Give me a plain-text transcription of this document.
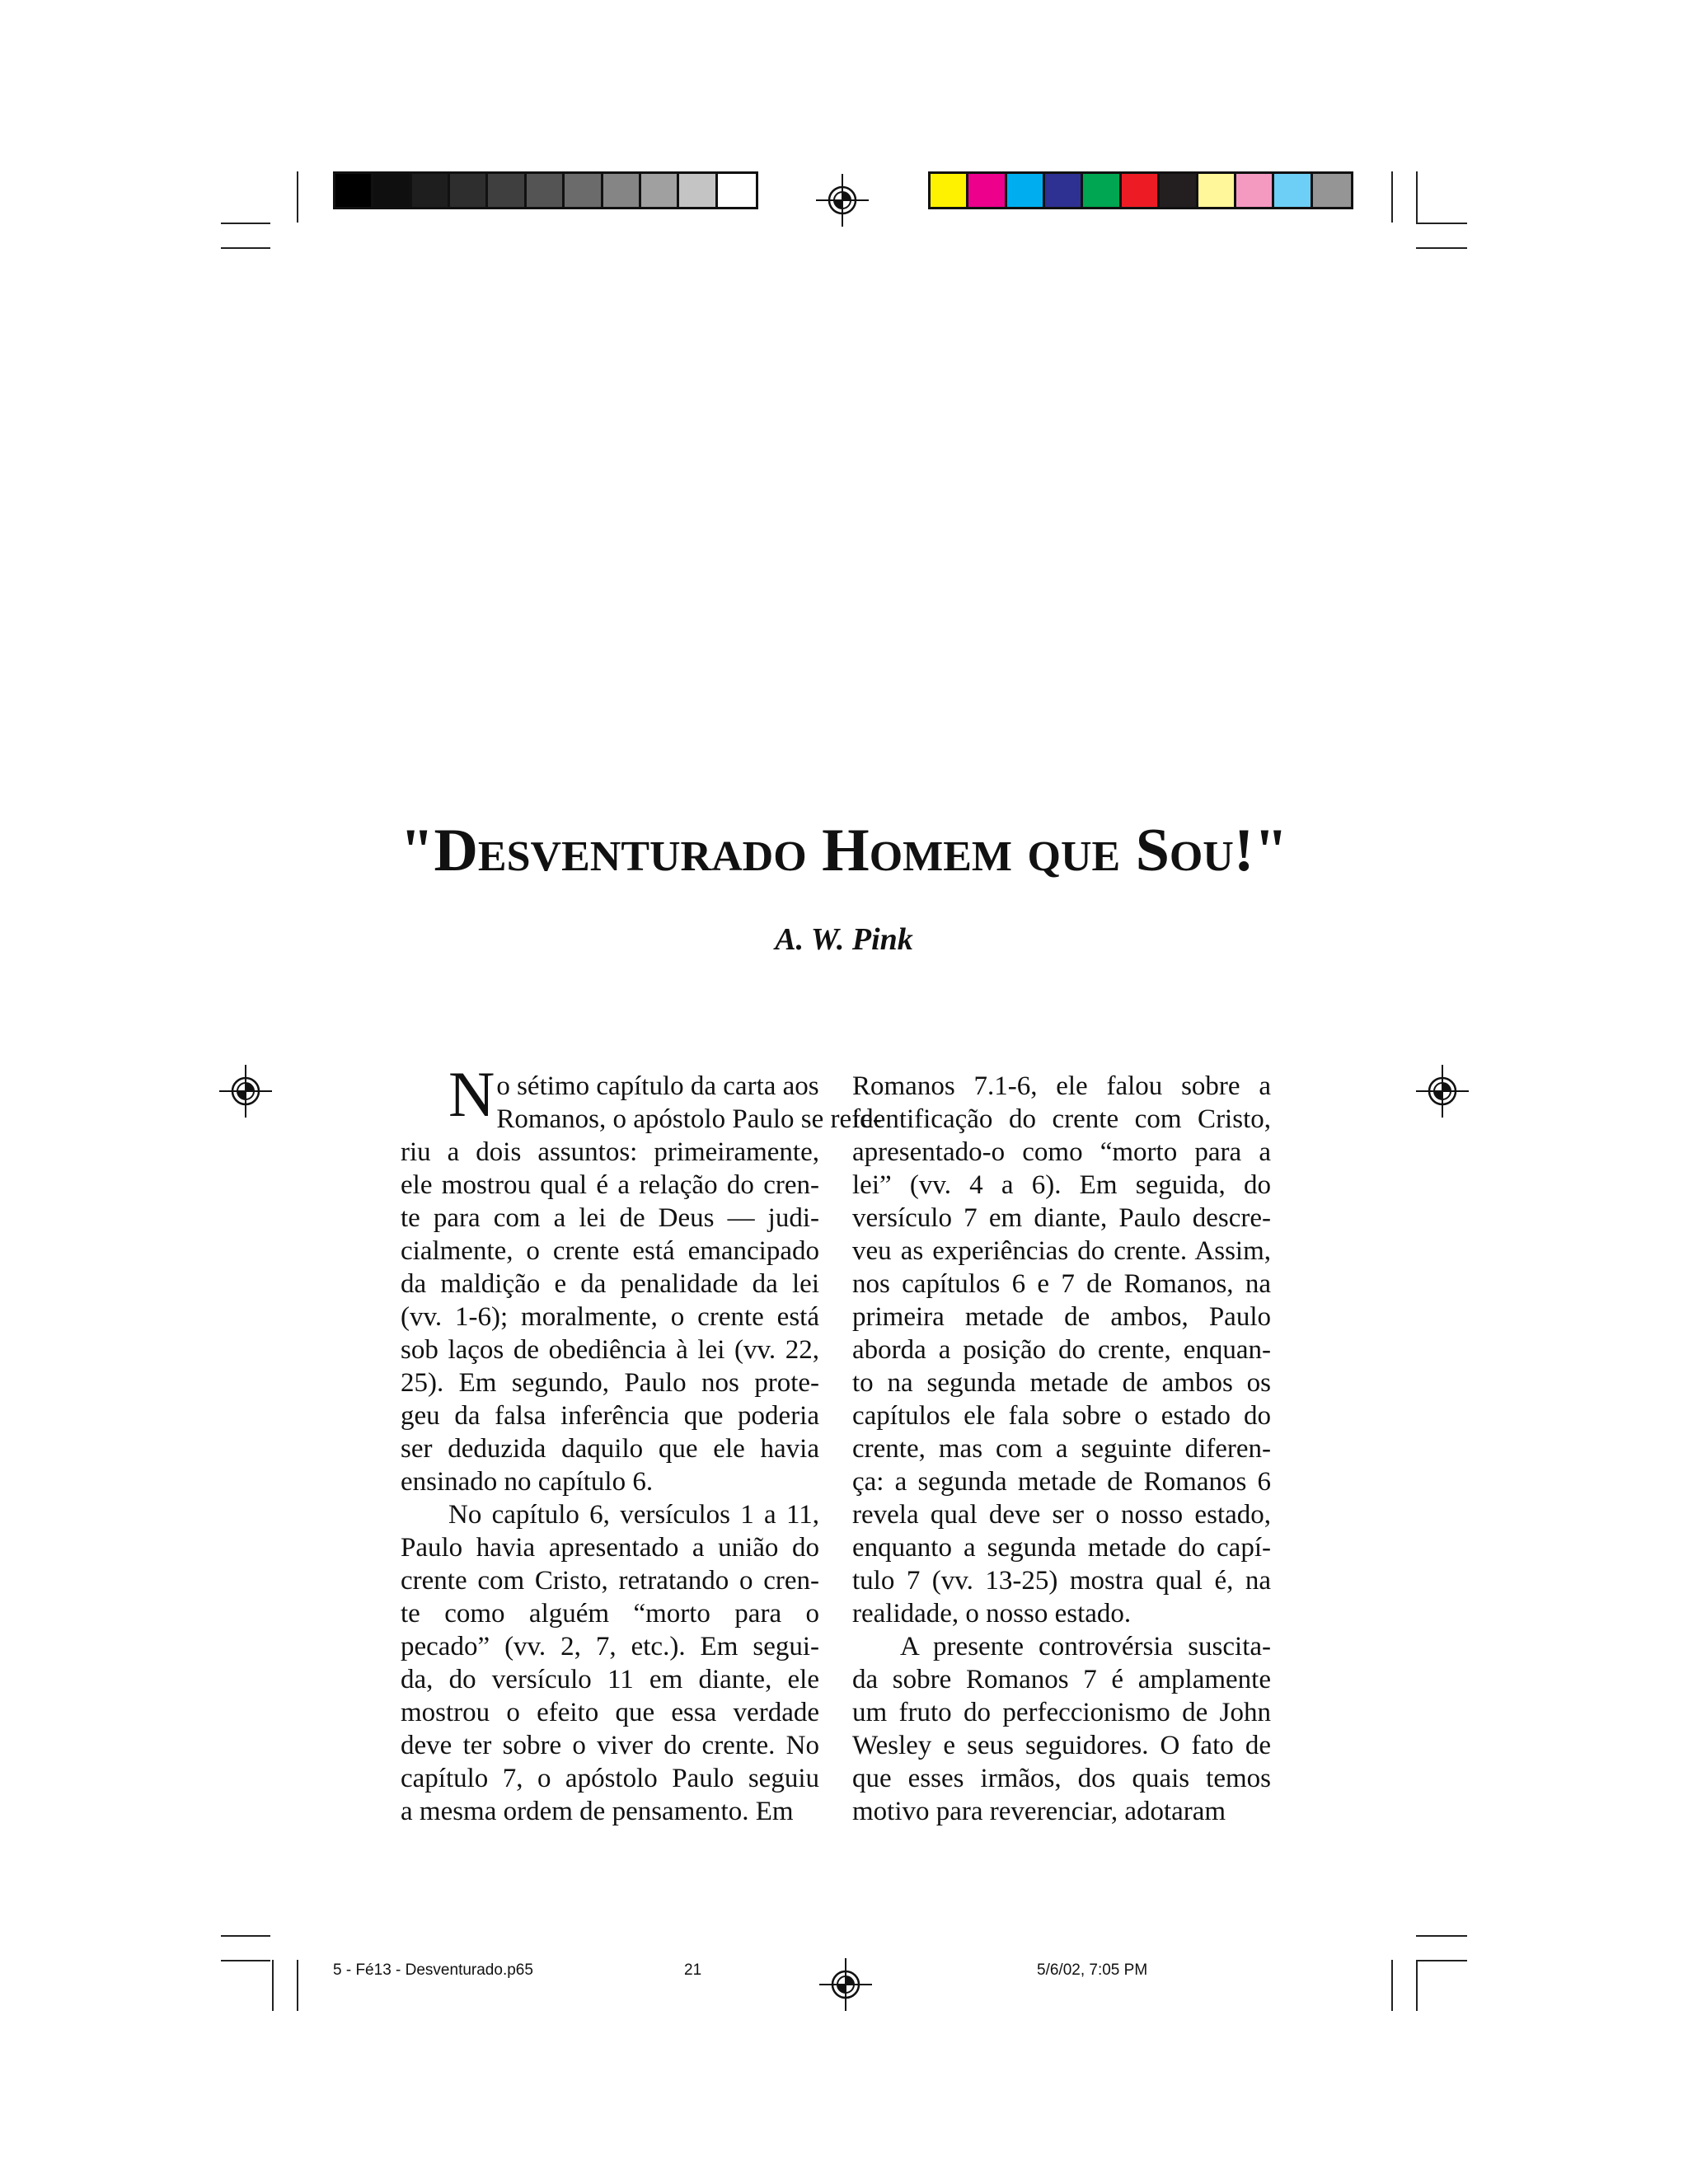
"Desventurado Homem que Sou!"
A. W. Pink
No sétimo capítulo da carta aos
Romanos, o apóstolo Paulo se refe-
riu a dois assuntos: primeiramente,
ele mostrou qual é a relação do cren-
te para com a lei de Deus — judi-
cialmente, o crente está emancipado
da maldição e da penalidade da lei
(vv. 1-6); moralmente, o crente está
sob laços de obediência à lei (vv. 22,
25). Em segundo, Paulo nos prote-
geu da falsa inferência que poderia
ser deduzida daquilo que ele havia
ensinado no capítulo 6.
No capítulo 6, versículos 1 a 11,
Paulo havia apresentado a união do
crente com Cristo, retratando o cren-
te como alguém “morto para o
pecado” (vv. 2, 7, etc.). Em segui-
da, do versículo 11 em diante, ele
mostrou o efeito que essa verdade
deve ter sobre o viver do crente. No
capítulo 7, o apóstolo Paulo seguiu
a mesma ordem de pensamento. Em
Romanos 7.1-6, ele falou sobre a
identificação do crente com Cristo,
apresentado-o como “morto para a
lei” (vv. 4 a 6). Em seguida, do
versículo 7 em diante, Paulo descre-
veu as experiências do crente. Assim,
nos capítulos 6 e 7 de Romanos, na
primeira metade de ambos, Paulo
aborda a posição do crente, enquan-
to na segunda metade de ambos os
capítulos ele fala sobre o estado do
crente, mas com a seguinte diferen-
ça: a segunda metade de Romanos 6
revela qual deve ser o nosso estado,
enquanto a segunda metade do capí-
tulo 7 (vv. 13-25) mostra qual é, na
realidade, o nosso estado.
A presente controvérsia suscita-
da sobre Romanos 7 é amplamente
um fruto do perfeccionismo de John
Wesley e seus seguidores. O fato de
que esses irmãos, dos quais temos
motivo para reverenciar, adotaram
5 - Fé13 - Desventurado.p65	21	5/6/02, 7:05 PM
